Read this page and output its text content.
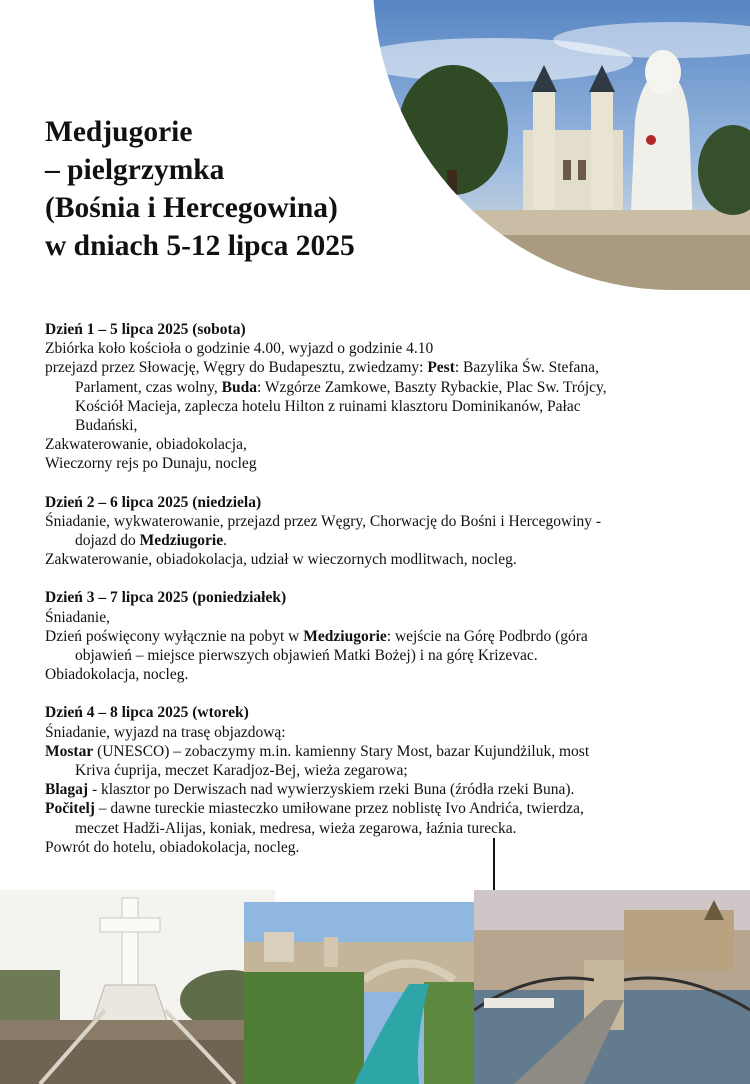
Medjugorie
– pielgrzymka
(Bośnia i Hercegowina)
w dniach 5-12 lipca 2025
Dzień 1 – 5 lipca 2025 (sobota)
Zbiórka koło kościoła o godzinie 4.00, wyjazd o godzinie 4.10
przejazd przez Słowację, Węgry do Budapesztu, zwiedzamy: Pest: Bazylika Św. Stefana,
Parlament, czas wolny, Buda: Wzgórze Zamkowe, Baszty Rybackie, Plac Sw. Trójcy,
Kościół Macieja, zaplecza hotelu Hilton z ruinami klasztoru Dominikanów, Pałac
Budański,
Zakwaterowanie, obiadokolacja,
Wieczorny rejs po Dunaju, nocleg
Dzień 2 – 6 lipca 2025 (niedziela)
Śniadanie, wykwaterowanie, przejazd przez Węgry, Chorwację do Bośni i Hercegowiny -
dojazd do Medziugorie.
Zakwaterowanie, obiadokolacja, udział w wieczornych modlitwach, nocleg.
Dzień 3 – 7 lipca 2025 (poniedziałek)
Śniadanie,
Dzień poświęcony wyłącznie na pobyt w Medziugorie: wejście na Górę Podbrdo (góra
objawień – miejsce pierwszych objawień Matki Bożej) i na górę Krizevac.
Obiadokolacja, nocleg.
Dzień 4 – 8 lipca 2025 (wtorek)
Śniadanie, wyjazd na trasę objazdową:
Mostar (UNESCO) – zobaczymy m.in. kamienny Stary Most, bazar Kujundżiluk, most
Kriva ćuprija, meczet Karadjoz-Bej, wieża zegarowa;
Blagaj - klasztor po Derwiszach nad wywierzyskiem rzeki Buna (źródła rzeki Buna).
Počitelj – dawne tureckie miasteczko umiłowane przez noblistę Ivo Andrića, twierdza,
meczet Hadži-Alijas, koniak, medresa, wieża zegarowa, łaźnia turecka.
Powrót do hotelu, obiadokolacja, nocleg.
